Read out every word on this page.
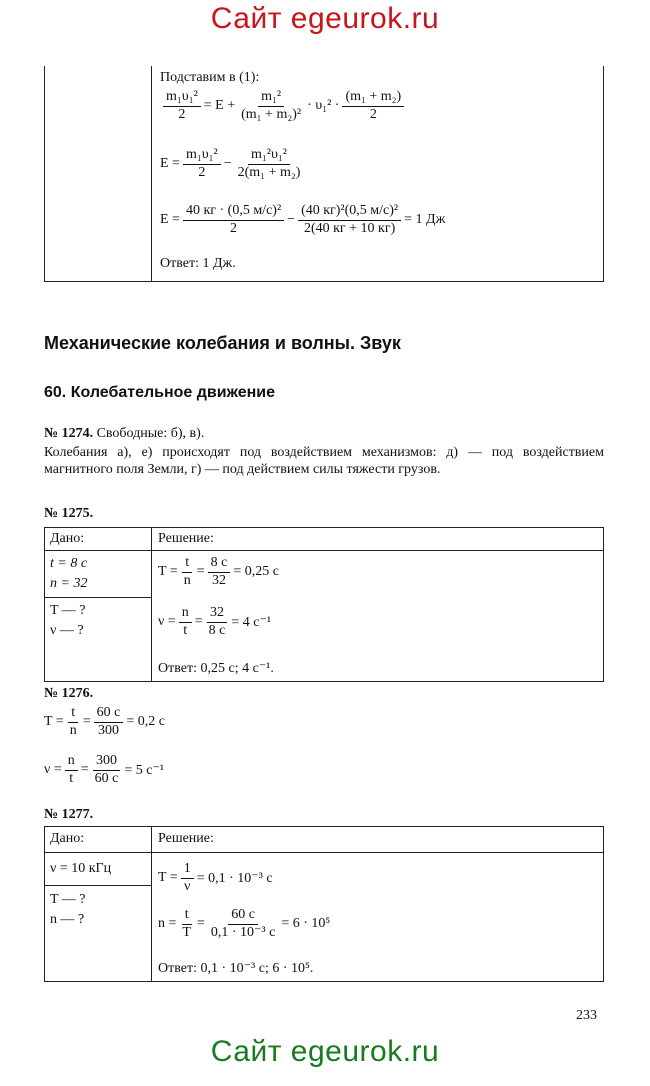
Сайт egeurok.ru
Подставим в (1):
$\frac{\text{m₁υ₁²}}{2} = E + \frac{\text{m₁²}}{\text{(m₁ + m₂)²}} \cdot \upsilon_1^2 \cdot \frac{\text{(m₁ + m₂)}}{2}$
$E = \frac{\text{m₁υ₁²}}{2} - \frac{\text{m₁²υ₁²}}{\text{2(m₁ + m₂)}}$
$E = \frac{\text{40 кг · (0,5 м/с)²}}{2} - \frac{\text{(40 кг)²(0,5 м/с)²}}{2(40 кг + 10 кг)} = 1$ Дж
Ответ: 1 Дж.
Механические колебания и волны. Звук
60. Колебательное движение
№ 1274. Свободные: б), в).
Колебания а), е) происходят под воздействием механизмов: д) — под воздействием магнитного поля Земли, г) — под действием силы тяжести грузов.
№ 1275.
Дано:	Решение:
t = 8 с
n = 32
T — ?
ν — ?
$T = \frac{t}{n} = \frac{8 с}{32} = 0,25$ с
$\nu = \frac{n}{t} = \frac{32}{8 с} = 4$ с⁻¹
Ответ: 0,25 с; 4 с⁻¹.
№ 1276.
$T = \frac{t}{n} = \frac{60 с}{300} = 0,2$ с
$\nu = \frac{n}{t} = \frac{300}{60 с} = 5$ с⁻¹
№ 1277.
Дано:	Решение:
ν = 10 кГц
T — ?
n — ?
$T = \frac{1}{\nu} = 0,1 \cdot 10^{-3}$ с
$n = \frac{t}{T} = \frac{60 с}{\text{0,1 · 10⁻³ с}} = 6 \cdot 10^5$
Ответ: 0,1 · 10⁻³ с; 6 · 10⁵.
233
Сайт egeurok.ru
